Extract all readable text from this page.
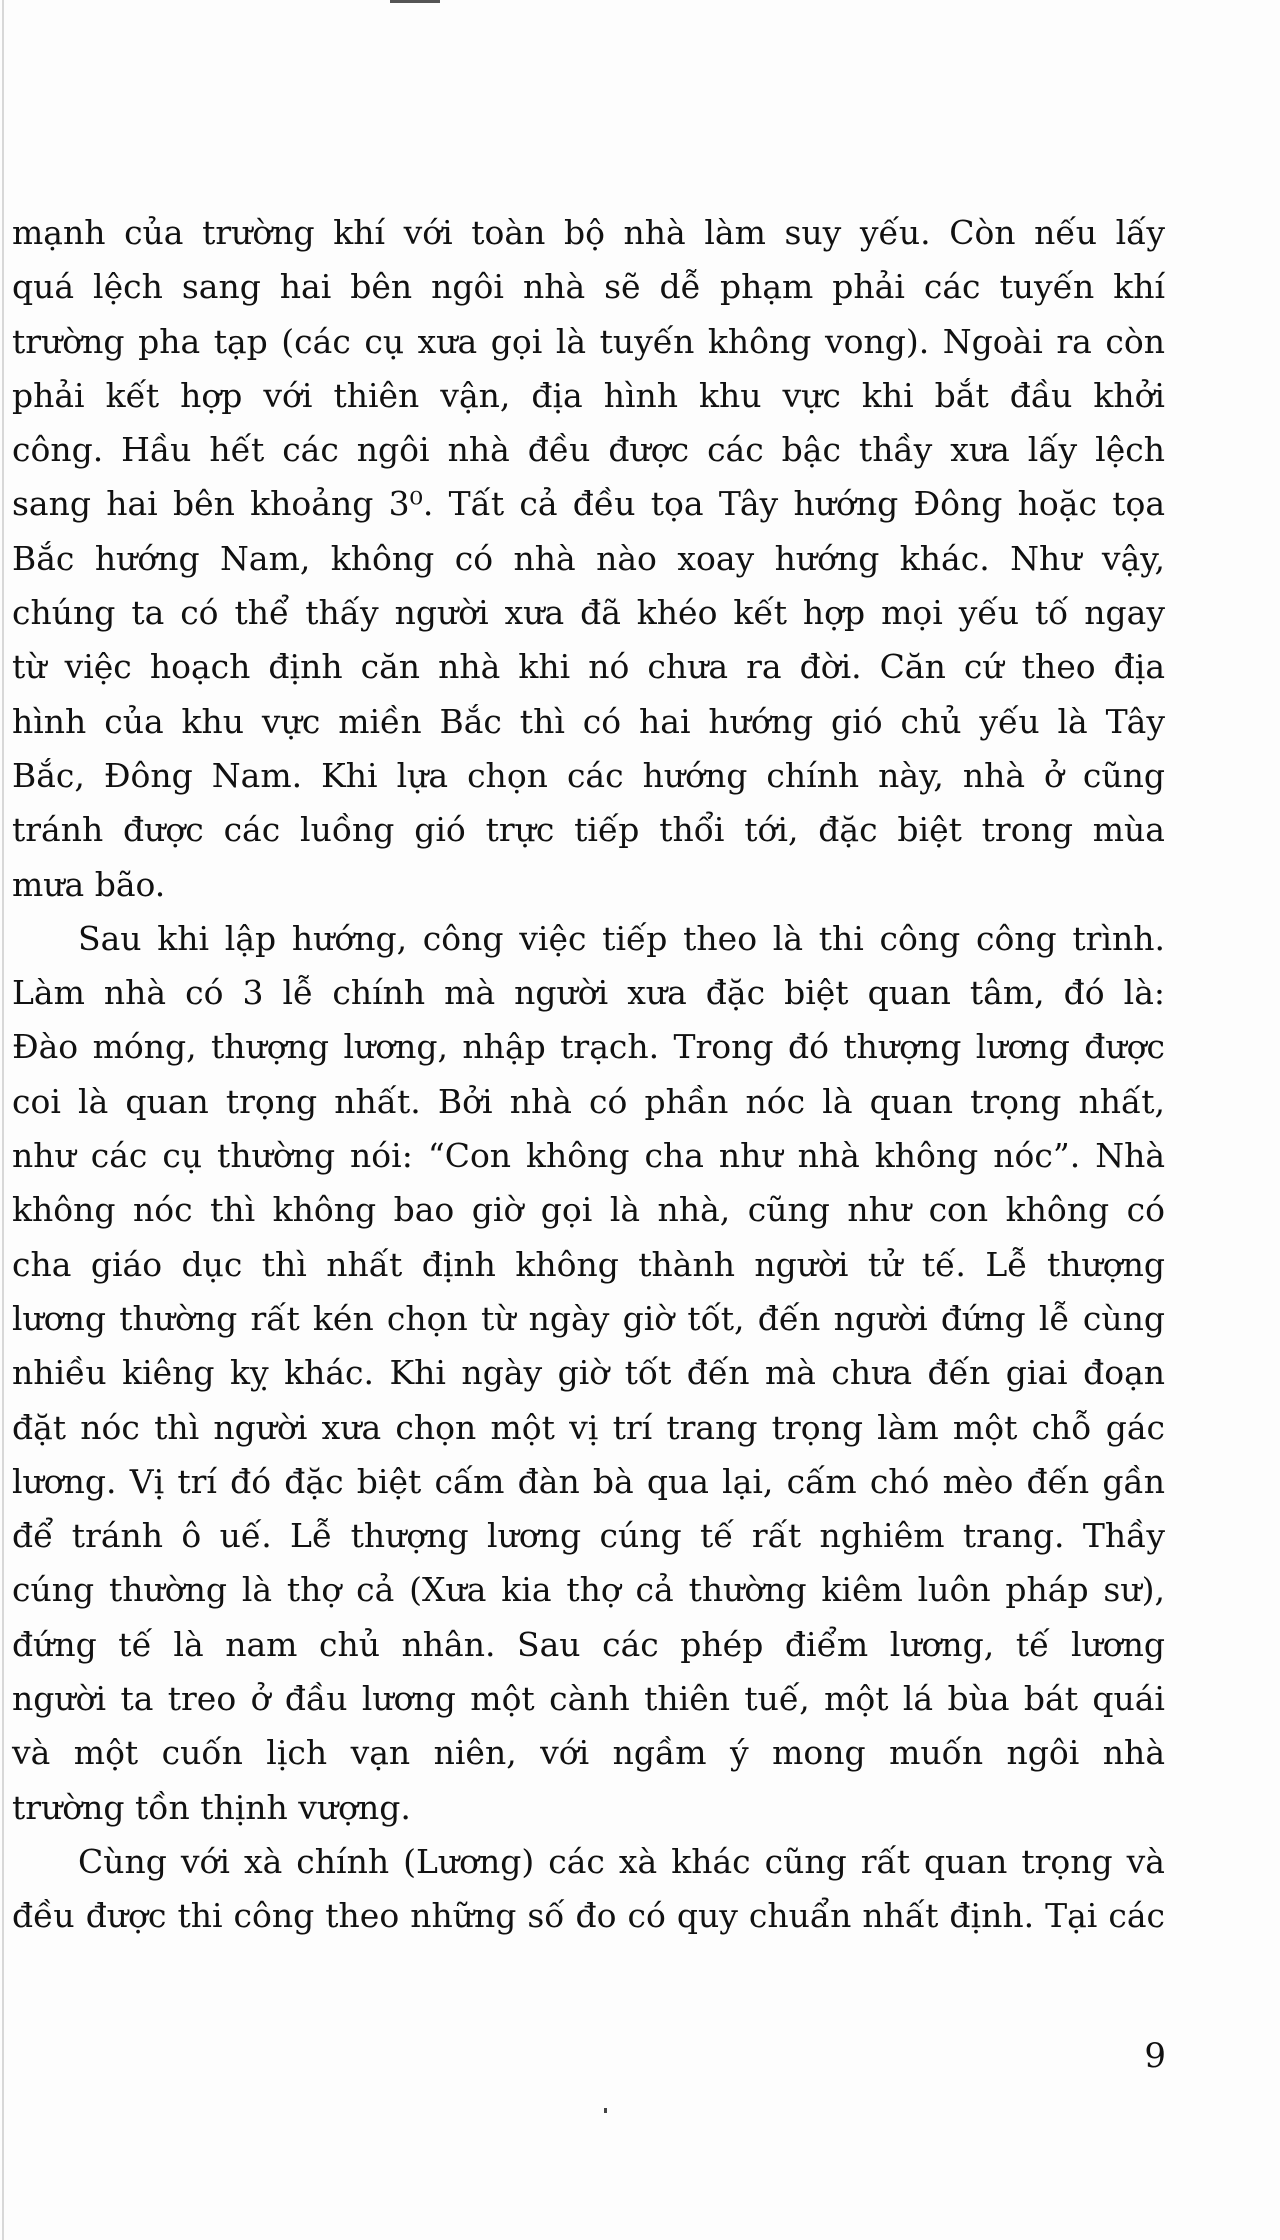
mạnh của trường khí với toàn bộ nhà làm suy yếu. Còn nếu lấy
quá lệch sang hai bên ngôi nhà sẽ dễ phạm phải các tuyến khí
trường pha tạp (các cụ xưa gọi là tuyến không vong). Ngoài ra còn
phải kết hợp với thiên vận, địa hình khu vực khi bắt đầu khởi
công. Hầu hết các ngôi nhà đều được các bậc thầy xưa lấy lệch
sang hai bên khoảng 3⁰. Tất cả đều tọa Tây hướng Đông hoặc tọa
Bắc hướng Nam, không có nhà nào xoay hướng khác. Như vậy,
chúng ta có thể thấy người xưa đã khéo kết hợp mọi yếu tố ngay
từ việc hoạch định căn nhà khi nó chưa ra đời. Căn cứ theo địa
hình của khu vực miền Bắc thì có hai hướng gió chủ yếu là Tây
Bắc, Đông Nam. Khi lựa chọn các hướng chính này, nhà ở cũng
tránh được các luồng gió trực tiếp thổi tới, đặc biệt trong mùa
mưa bão.
Sau khi lập hướng, công việc tiếp theo là thi công công trình.
Làm nhà có 3 lễ chính mà người xưa đặc biệt quan tâm, đó là:
Đào móng, thượng lương, nhập trạch. Trong đó thượng lương được
coi là quan trọng nhất. Bởi nhà có phần nóc là quan trọng nhất,
như các cụ thường nói: “Con không cha như nhà không nóc”. Nhà
không nóc thì không bao giờ gọi là nhà, cũng như con không có
cha giáo dục thì nhất định không thành người tử tế. Lễ thượng
lương thường rất kén chọn từ ngày giờ tốt, đến người đứng lễ cùng
nhiều kiêng kỵ khác. Khi ngày giờ tốt đến mà chưa đến giai đoạn
đặt nóc thì người xưa chọn một vị trí trang trọng làm một chỗ gác
lương. Vị trí đó đặc biệt cấm đàn bà qua lại, cấm chó mèo đến gần
để tránh ô uế. Lễ thượng lương cúng tế rất nghiêm trang. Thầy
cúng thường là thợ cả (Xưa kia thợ cả thường kiêm luôn pháp sư),
đứng tế là nam chủ nhân. Sau các phép điểm lương, tế lương
người ta treo ở đầu lương một cành thiên tuế, một lá bùa bát quái
và một cuốn lịch vạn niên, với ngầm ý mong muốn ngôi nhà
trường tồn thịnh vượng.
Cùng với xà chính (Lương) các xà khác cũng rất quan trọng và
đều được thi công theo những số đo có quy chuẩn nhất định. Tại các
9
